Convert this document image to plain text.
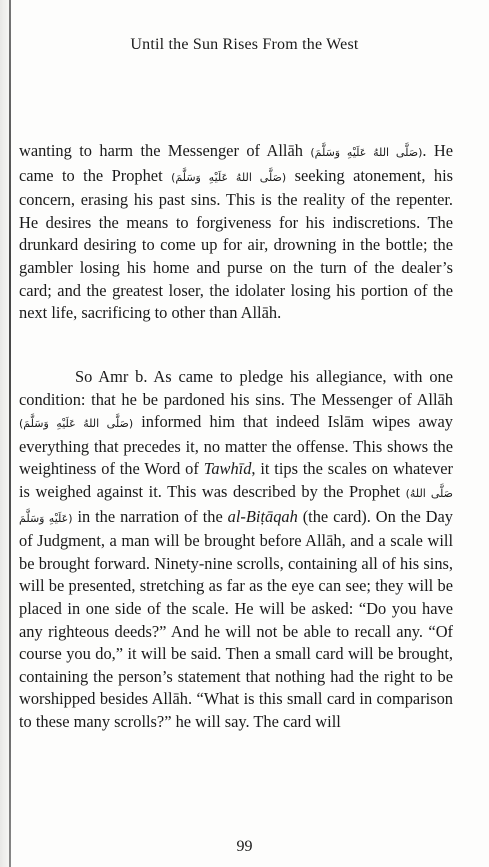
Until the Sun Rises From the West

wanting to harm the Messenger of Allāh (صَلَّى اللهُ عَلَيْهِ وَسَلَّمَ). He came to the Prophet (صَلَّى اللهُ عَلَيْهِ وَسَلَّمَ) seeking atonement, his concern, erasing his past sins. This is the reality of the repenter. He desires the means to forgiveness for his indiscretions. The drunkard desiring to come up for air, drowning in the bottle; the gambler losing his home and purse on the turn of the dealer’s card; and the greatest loser, the idolater losing his portion of the next life, sacrificing to other than Allāh.

So Amr b. As came to pledge his allegiance, with one condition: that he be pardoned his sins. The Messenger of Allāh (صَلَّى اللهُ عَلَيْهِ وَسَلَّمَ) informed him that indeed Islām wipes away everything that precedes it, no matter the offense. This shows the weightiness of the Word of Tawhīd, it tips the scales on whatever is weighed against it. This was described by the Prophet (صَلَّى اللهُ عَلَيْهِ وَسَلَّمَ) in the narration of the al-Biṭāqah (the card). On the Day of Judgment, a man will be brought before Allāh, and a scale will be brought forward. Ninety-nine scrolls, containing all of his sins, will be presented, stretching as far as the eye can see; they will be placed in one side of the scale. He will be asked: “Do you have any righteous deeds?” And he will not be able to recall any. “Of course you do,” it will be said. Then a small card will be brought, containing the person’s statement that nothing had the right to be worshipped besides Allāh. “What is this small card in comparison to these many scrolls?” he will say. The card will

99
